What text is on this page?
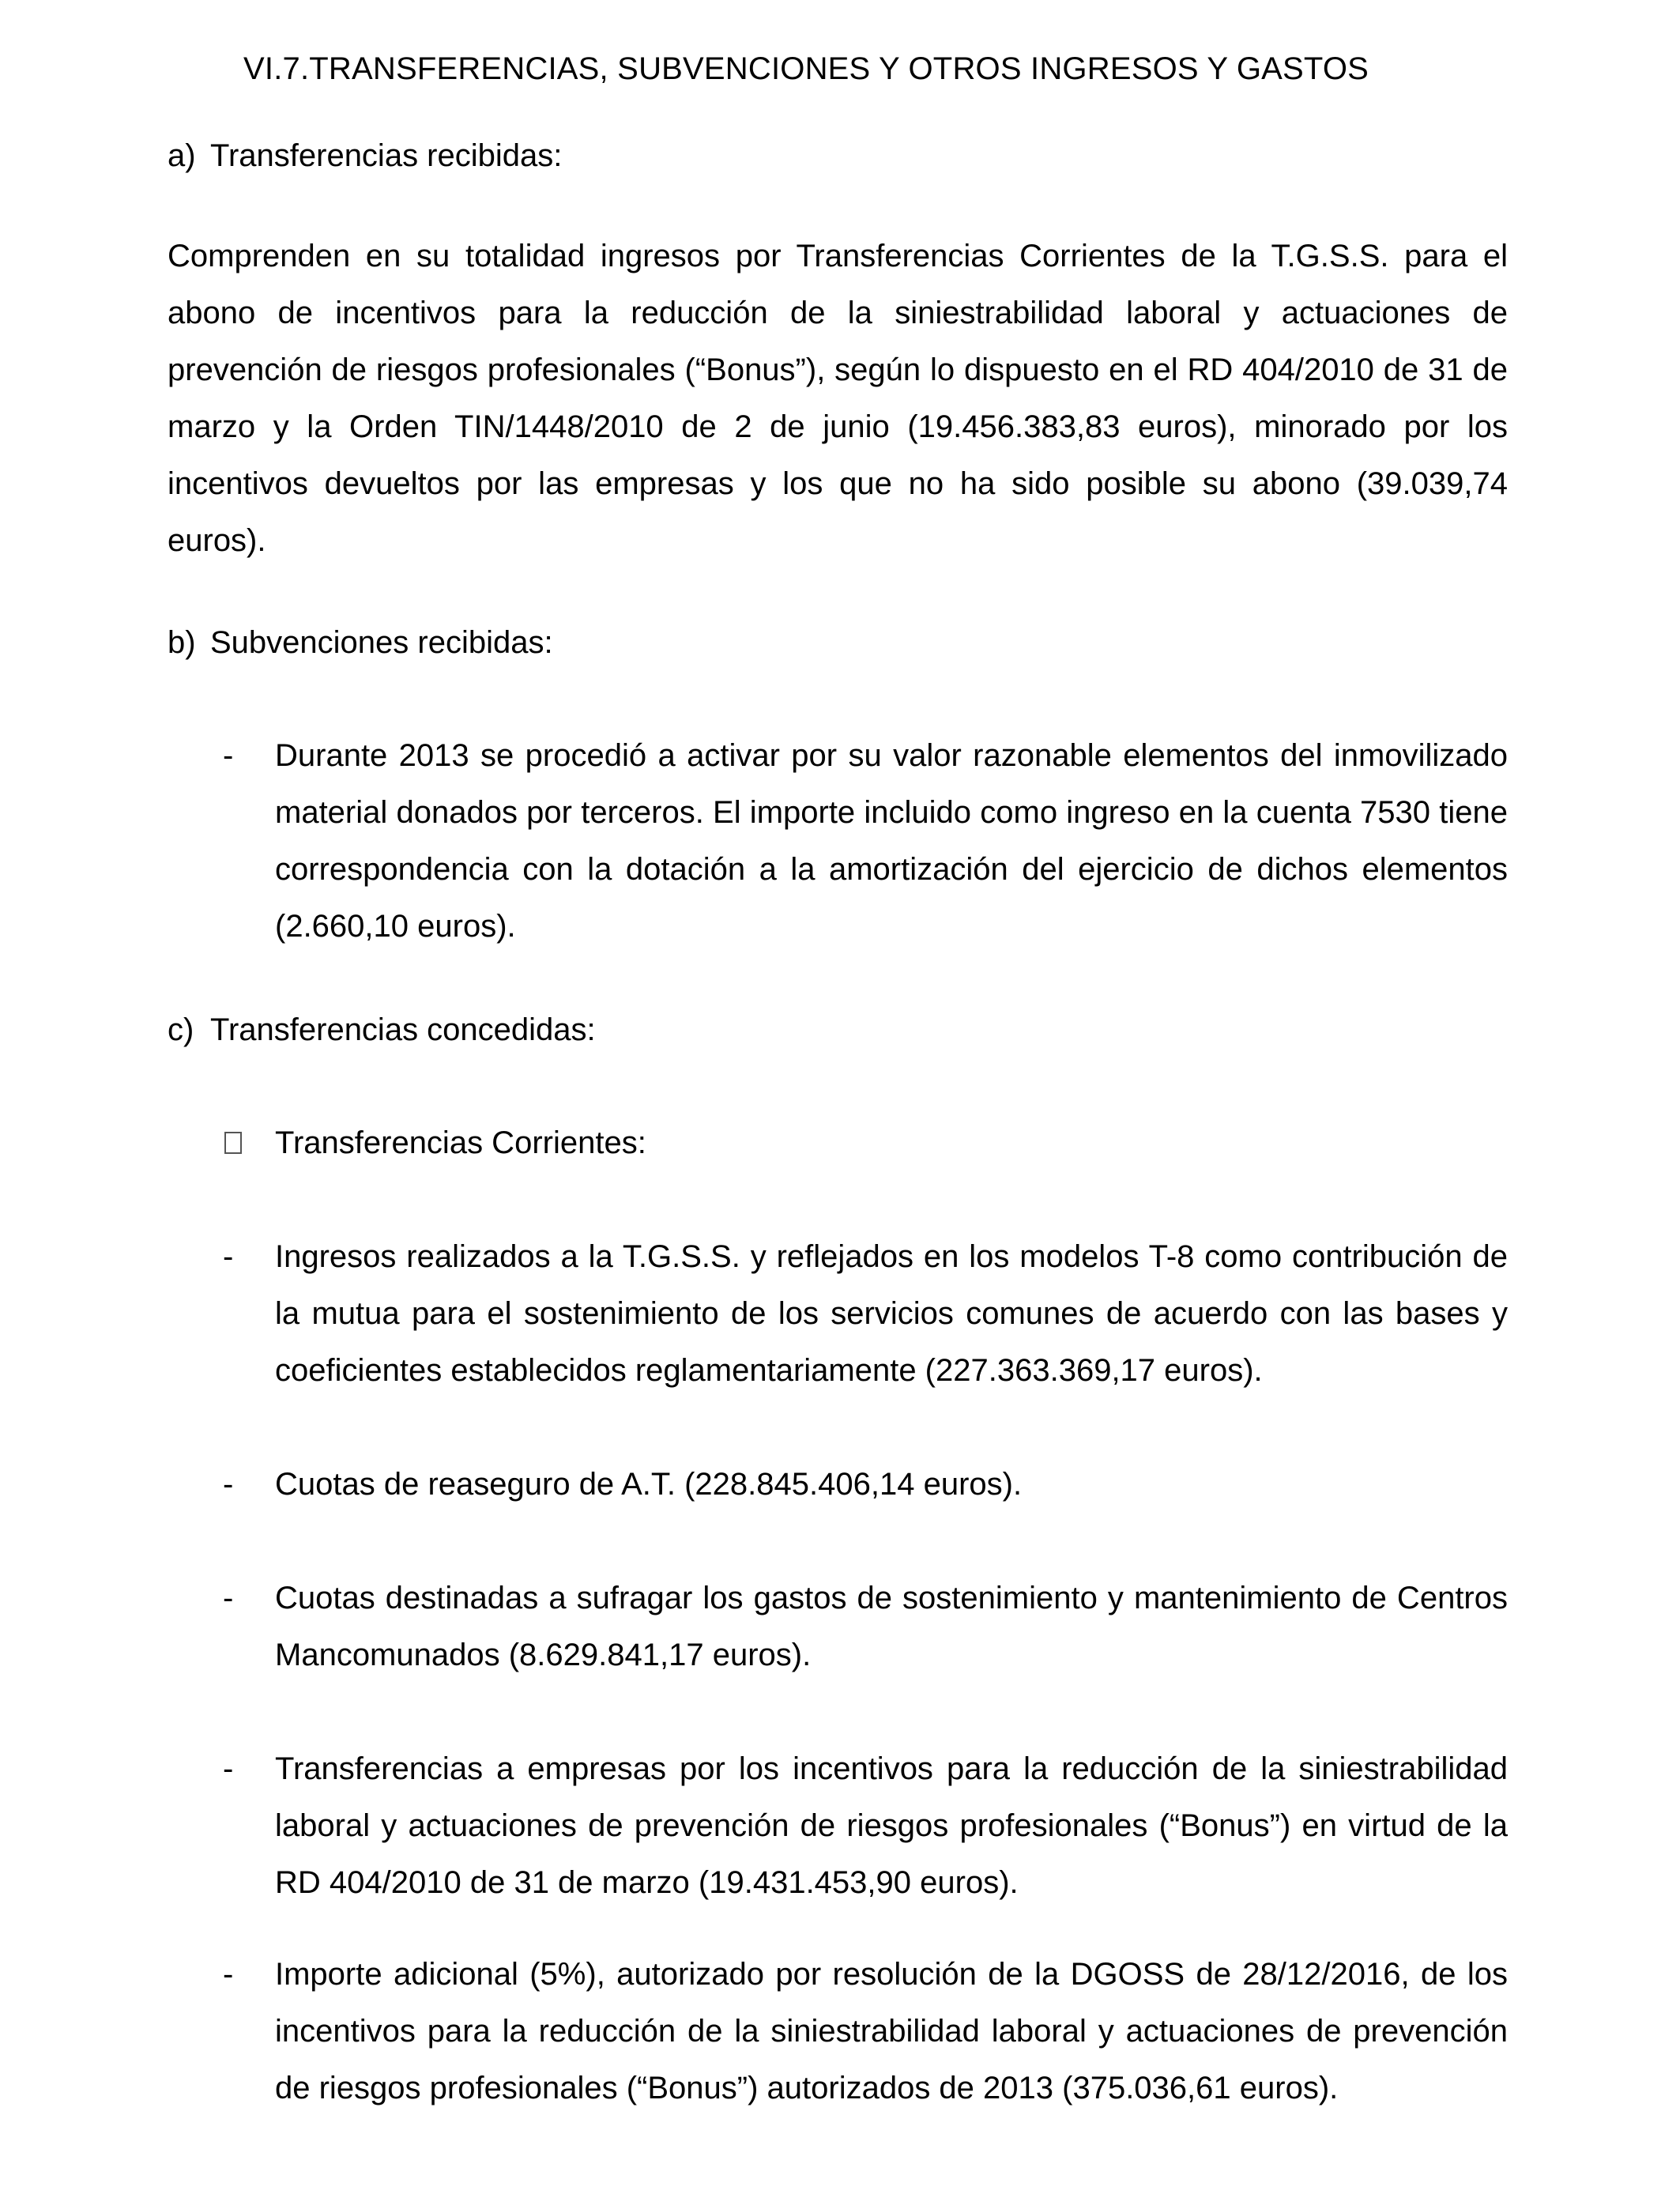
VI.7.TRANSFERENCIAS, SUBVENCIONES Y OTROS INGRESOS Y GASTOS
a) Transferencias recibidas:
Comprenden en su totalidad ingresos por Transferencias Corrientes de la T.G.S.S. para el abono de incentivos para la reducción de la siniestrabilidad laboral y actuaciones de prevención de riesgos profesionales (“Bonus”), según lo dispuesto en el RD 404/2010 de 31 de marzo y la Orden TIN/1448/2010 de 2 de junio (19.456.383,83 euros), minorado por los incentivos devueltos por las empresas y los que no ha sido posible su abono (39.039,74 euros).
b) Subvenciones recibidas:
- Durante 2013 se procedió a activar por su valor razonable elementos del inmovilizado material donados por terceros. El importe incluido como ingreso en la cuenta 7530 tiene correspondencia con la dotación a la amortización del ejercicio de dichos elementos (2.660,10 euros).
c) Transferencias concedidas:
Transferencias Corrientes:
- Ingresos realizados a la T.G.S.S. y reflejados en los modelos T-8 como contribución de la mutua para el sostenimiento de los servicios comunes de acuerdo con las bases y coeficientes establecidos reglamentariamente (227.363.369,17 euros).
- Cuotas de reaseguro de A.T. (228.845.406,14 euros).
- Cuotas destinadas a sufragar los gastos de sostenimiento y mantenimiento de Centros Mancomunados (8.629.841,17 euros).
- Transferencias a empresas por los incentivos para la reducción de la siniestrabilidad laboral y actuaciones de prevención de riesgos profesionales (“Bonus”) en virtud de la RD 404/2010 de 31 de marzo (19.431.453,90 euros).
- Importe adicional (5%), autorizado por resolución de la DGOSS de 28/12/2016, de los incentivos para la reducción de la siniestrabilidad laboral y actuaciones de prevención de riesgos profesionales (“Bonus”) autorizados de 2013 (375.036,61 euros).
